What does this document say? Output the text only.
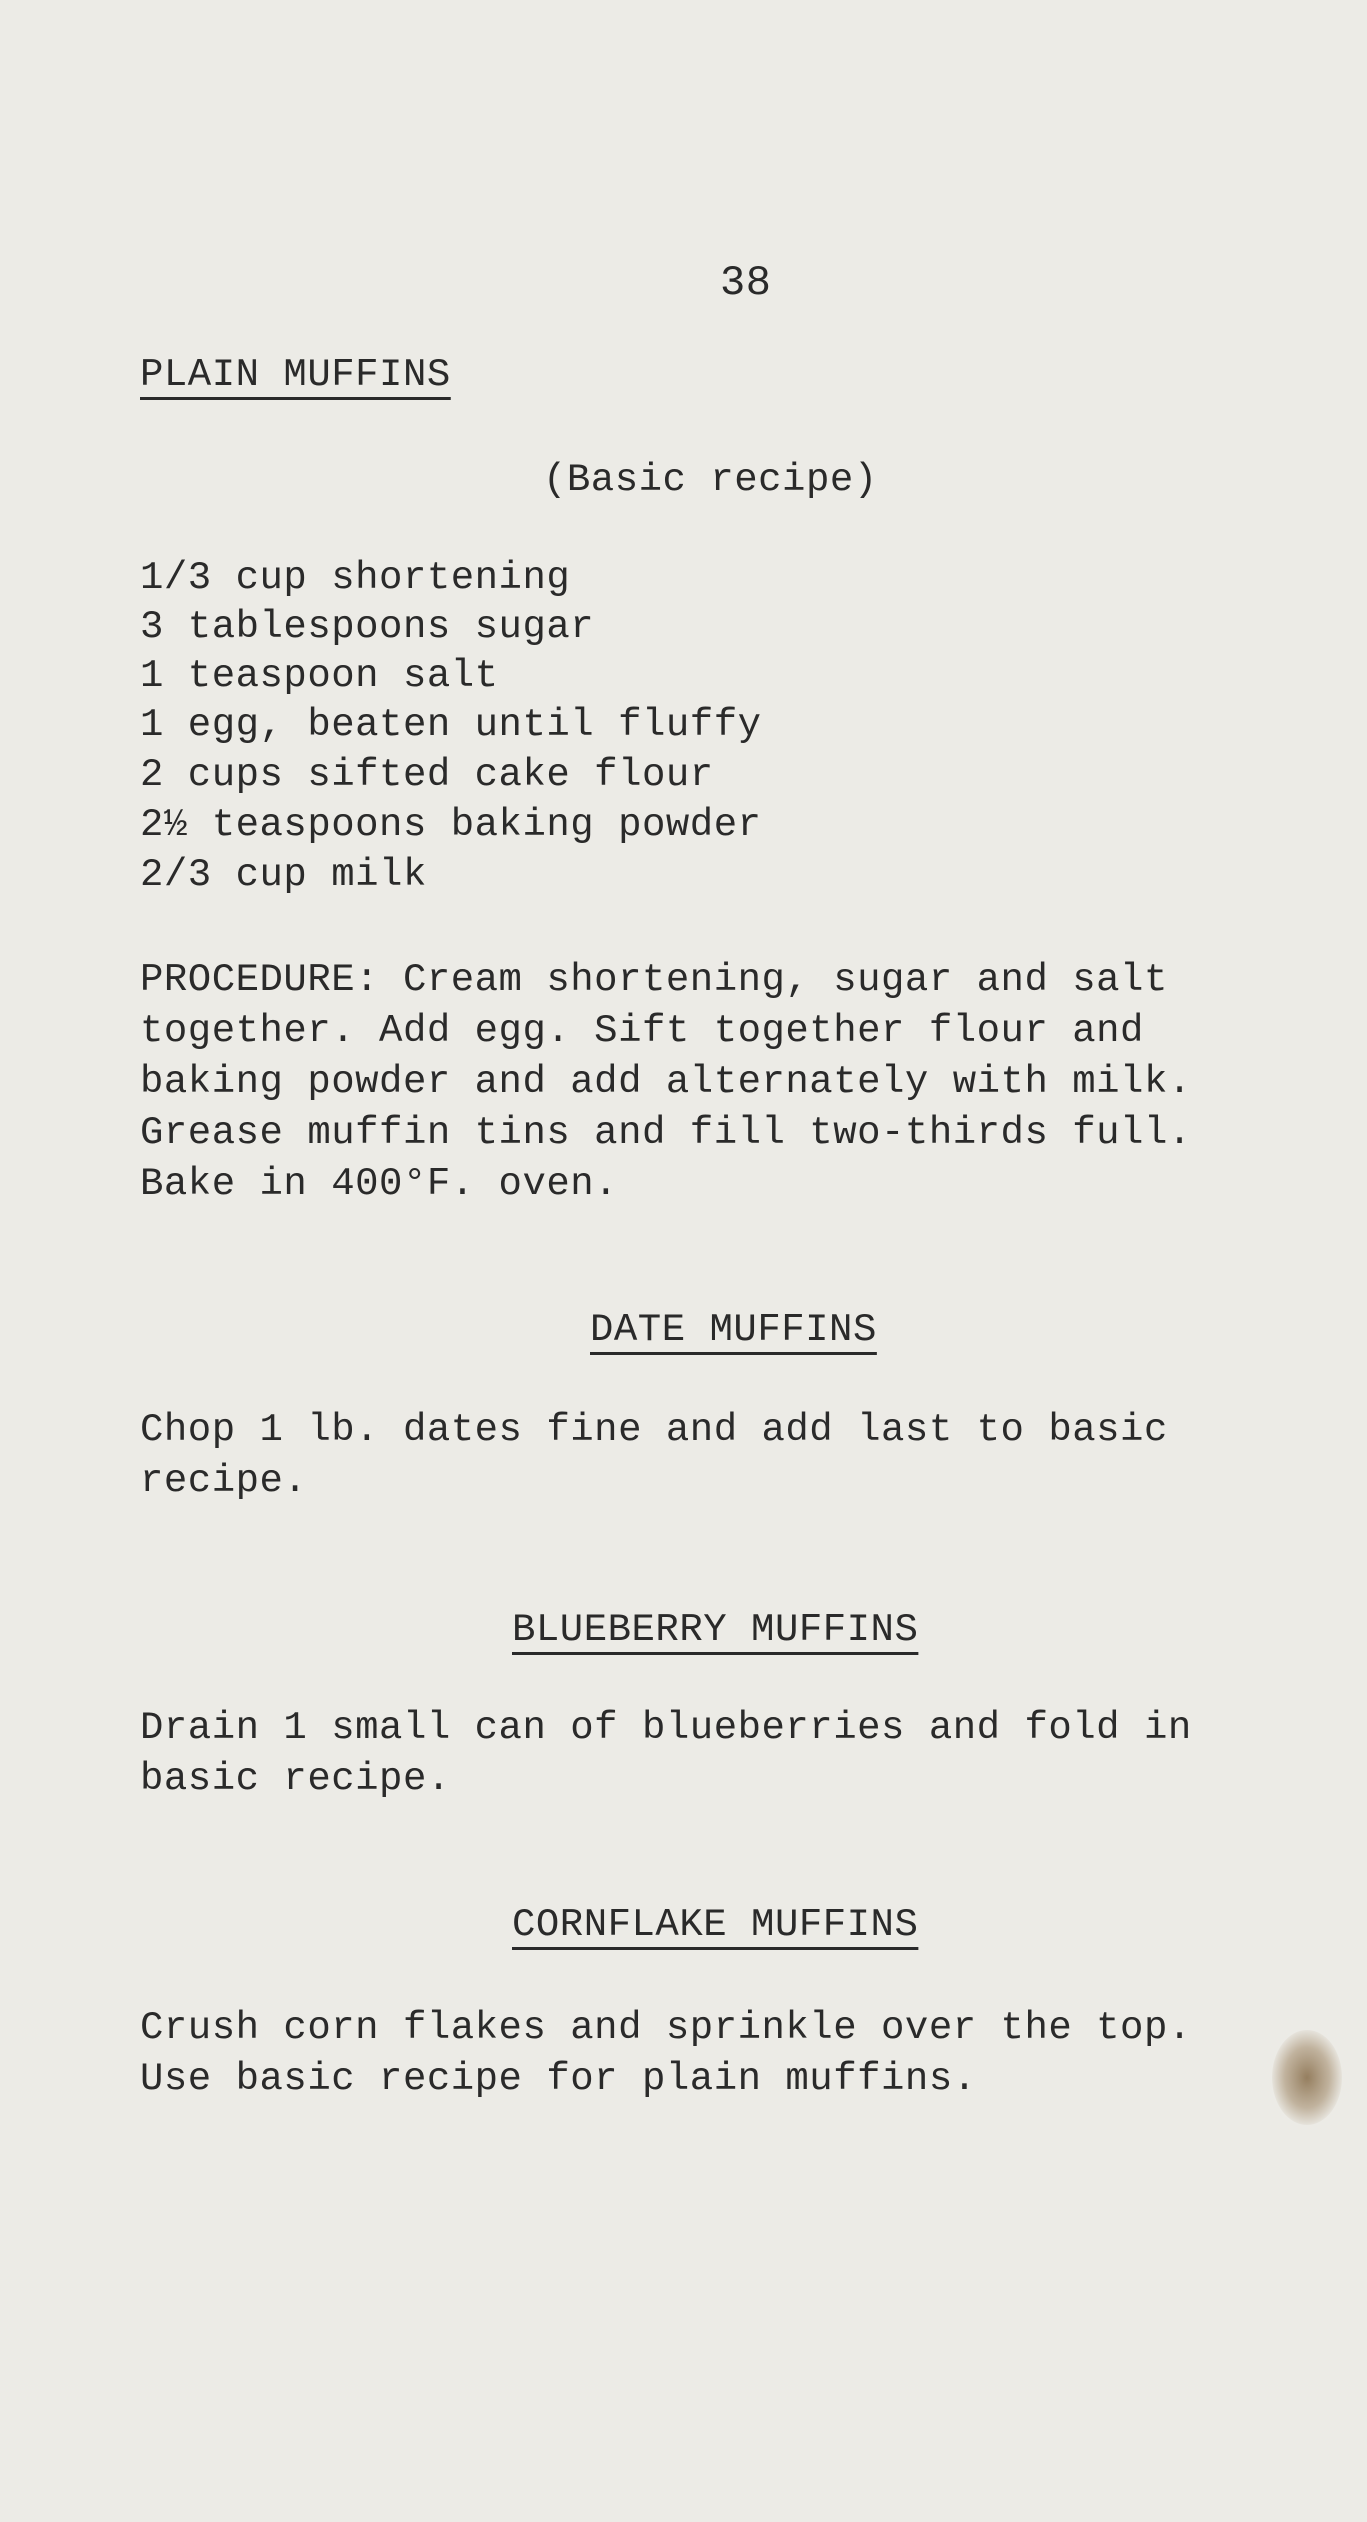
38
PLAIN MUFFINS
(Basic recipe)
1/3 cup shortening
3 tablespoons sugar
1 teaspoon salt
1 egg, beaten until fluffy
2 cups sifted cake flour
2½ teaspoons baking powder
2/3 cup milk
PROCEDURE: Cream shortening, sugar and salt
together. Add egg. Sift together flour and
baking powder and add alternately with milk.
Grease muffin tins and fill two-thirds full.
Bake in 400°F. oven.
DATE MUFFINS
Chop 1 lb. dates fine and add last to basic
recipe.
BLUEBERRY MUFFINS
Drain 1 small can of blueberries and fold in
basic recipe.
CORNFLAKE MUFFINS
Crush corn flakes and sprinkle over the top.
Use basic recipe for plain muffins.
